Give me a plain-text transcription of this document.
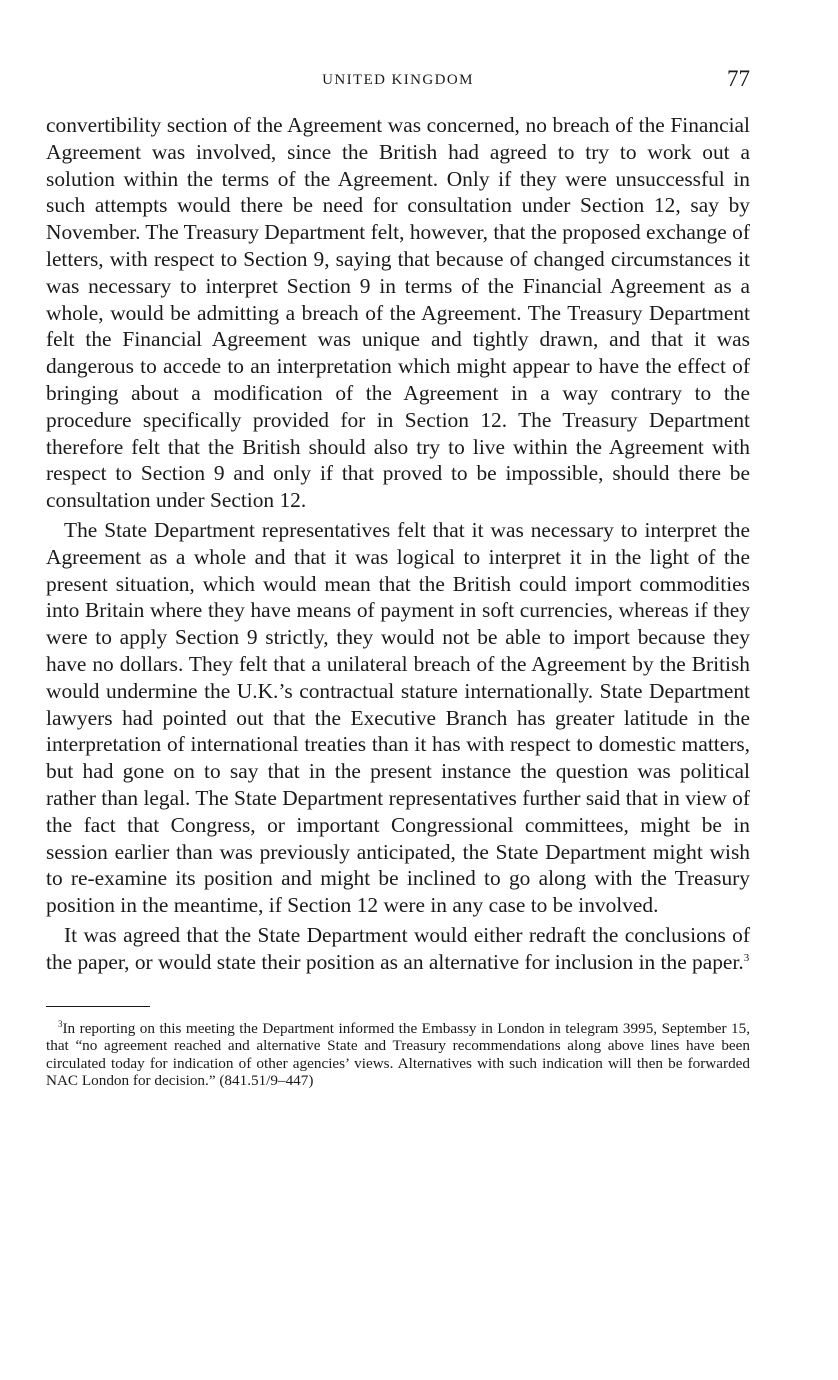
UNITED KINGDOM	77

convertibility section of the Agreement was concerned, no breach of the Financial Agreement was involved, since the British had agreed to try to work out a solution within the terms of the Agreement. Only if they were unsuccessful in such attempts would there be need for consultation under Section 12, say by November. The Treasury Department felt, however, that the proposed exchange of letters, with respect to Section 9, saying that because of changed circumstances it was necessary to interpret Section 9 in terms of the Financial Agreement as a whole, would be admitting a breach of the Agreement. The Treasury Department felt the Financial Agreement was unique and tightly drawn, and that it was dangerous to accede to an interpretation which might appear to have the effect of bringing about a modification of the Agreement in a way contrary to the procedure specifically provided for in Section 12. The Treasury Department therefore felt that the British should also try to live within the Agreement with respect to Section 9 and only if that proved to be impossible, should there be consultation under Section 12.

The State Department representatives felt that it was necessary to interpret the Agreement as a whole and that it was logical to interpret it in the light of the present situation, which would mean that the British could import commodities into Britain where they have means of payment in soft currencies, whereas if they were to apply Section 9 strictly, they would not be able to import because they have no dollars. They felt that a unilateral breach of the Agreement by the British would undermine the U.K.’s contractual stature internationally. State Department lawyers had pointed out that the Executive Branch has greater latitude in the interpretation of international treaties than it has with respect to domestic matters, but had gone on to say that in the present instance the question was political rather than legal. The State Department representatives further said that in view of the fact that Congress, or important Congressional committees, might be in session earlier than was previously anticipated, the State Department might wish to re-examine its position and might be inclined to go along with the Treasury position in the meantime, if Section 12 were in any case to be involved.

It was agreed that the State Department would either redraft the conclusions of the paper, or would state their position as an alternative for inclusion in the paper.$^3$

$^3$In reporting on this meeting the Department informed the Embassy in London in telegram 3995, September 15, that “no agreement reached and alternative State and Treasury recommendations along above lines have been circulated today for indication of other agencies’ views. Alternatives with such indication will then be forwarded NAC London for decision.” (841.51/9–447)
